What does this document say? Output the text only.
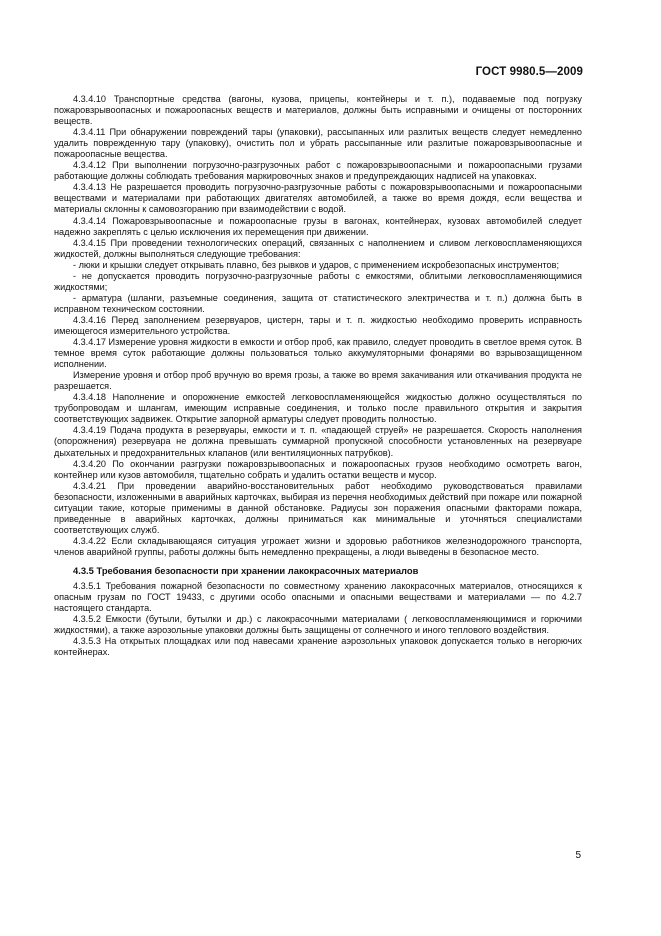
ГОСТ 9980.5—2009

4.3.4.10 Транспортные средства (вагоны, кузова, прицепы, контейнеры и т. п.), подаваемые под погрузку пожаровзрывоопасных и пожароопасных веществ и материалов, должны быть исправными и очищены от посторонних веществ.

4.3.4.11 При обнаружении повреждений тары (упаковки), рассыпанных или разлитых веществ следует немедленно удалить поврежденную тару (упаковку), очистить пол и убрать рассыпанные или разлитые пожаровзрывоопасные и пожароопасные вещества.

4.3.4.12 При выполнении погрузочно-разгрузочных работ с пожаровзрывоопасными и пожароопасными грузами работающие должны соблюдать требования маркировочных знаков и предупреждающих надписей на упаковках.

4.3.4.13 Не разрешается проводить погрузочно-разгрузочные работы с пожаровзрывоопасными и пожароопасными веществами и материалами при работающих двигателях автомобилей, а также во время дождя, если вещества и материалы склонны к самовозгоранию при взаимодействии с водой.

4.3.4.14 Пожаровзрывоопасные и пожароопасные грузы в вагонах, контейнерах, кузовах автомобилей следует надежно закреплять с целью исключения их перемещения при движении.

4.3.4.15 При проведении технологических операций, связанных с наполнением и сливом легковоспламеняющихся жидкостей, должны выполняться следующие требования:

- люки и крышки следует открывать плавно, без рывков и ударов, с применением искробезопасных инструментов;

- не допускается проводить погрузочно-разгрузочные работы с емкостями, облитыми легковоспламеняющимися жидкостями;

- арматура (шланги, разъемные соединения, защита от статистического электричества и т. п.) должна быть в исправном техническом состоянии.

4.3.4.16 Перед заполнением резервуаров, цистерн, тары и т. п. жидкостью необходимо проверить исправность имеющегося измерительного устройства.

4.3.4.17 Измерение уровня жидкости в емкости и отбор проб, как правило, следует проводить в светлое время суток. В темное время суток работающие должны пользоваться только аккумуляторными фонарями во взрывозащищенном исполнении.

Измерение уровня и отбор проб вручную во время грозы, а также во время закачивания или откачивания продукта не разрешается.

4.3.4.18 Наполнение и опорожнение емкостей легковоспламеняющейся жидкостью должно осуществляться по трубопроводам и шлангам, имеющим исправные соединения, и только после правильного открытия и закрытия соответствующих задвижек. Открытие запорной арматуры следует проводить полностью.

4.3.4.19 Подача продукта в резервуары, емкости и т. п. «падающей струей» не разрешается. Скорость наполнения (опорожнения) резервуара не должна превышать суммарной пропускной способности установленных на резервуаре дыхательных и предохранительных клапанов (или вентиляционных патрубков).

4.3.4.20 По окончании разгрузки пожаровзрывоопасных и пожароопасных грузов необходимо осмотреть вагон, контейнер или кузов автомобиля, тщательно собрать и удалить остатки веществ и мусор.

4.3.4.21 При проведении аварийно-восстановительных работ необходимо руководствоваться правилами безопасности, изложенными в аварийных карточках, выбирая из перечня необходимых действий при пожаре или пожарной ситуации такие, которые применимы в данной обстановке. Радиусы зон поражения опасными факторами пожара, приведенные в аварийных карточках, должны приниматься как минимальные и уточняться специалистами соответствующих служб.

4.3.4.22 Если складывающаяся ситуация угрожает жизни и здоровью работников железнодорожного транспорта, членов аварийной группы, работы должны быть немедленно прекращены, а люди выведены в безопасное место.

4.3.5 Требования безопасности при хранении лакокрасочных материалов

4.3.5.1 Требования пожарной безопасности по совместному хранению лакокрасочных материалов, относящихся к опасным грузам по ГОСТ 19433, с другими особо опасными и опасными веществами и материалами — по 4.2.7 настоящего стандарта.

4.3.5.2 Емкости (бутыли, бутылки и др.) с лакокрасочными материалами ( легковоспламеняющимися и горючими жидкостями), а также аэрозольные упаковки должны быть защищены от солнечного и иного теплового воздействия.

4.3.5.3 На открытых площадках или под навесами хранение аэрозольных упаковок допускается только в негорючих контейнерах.

5
